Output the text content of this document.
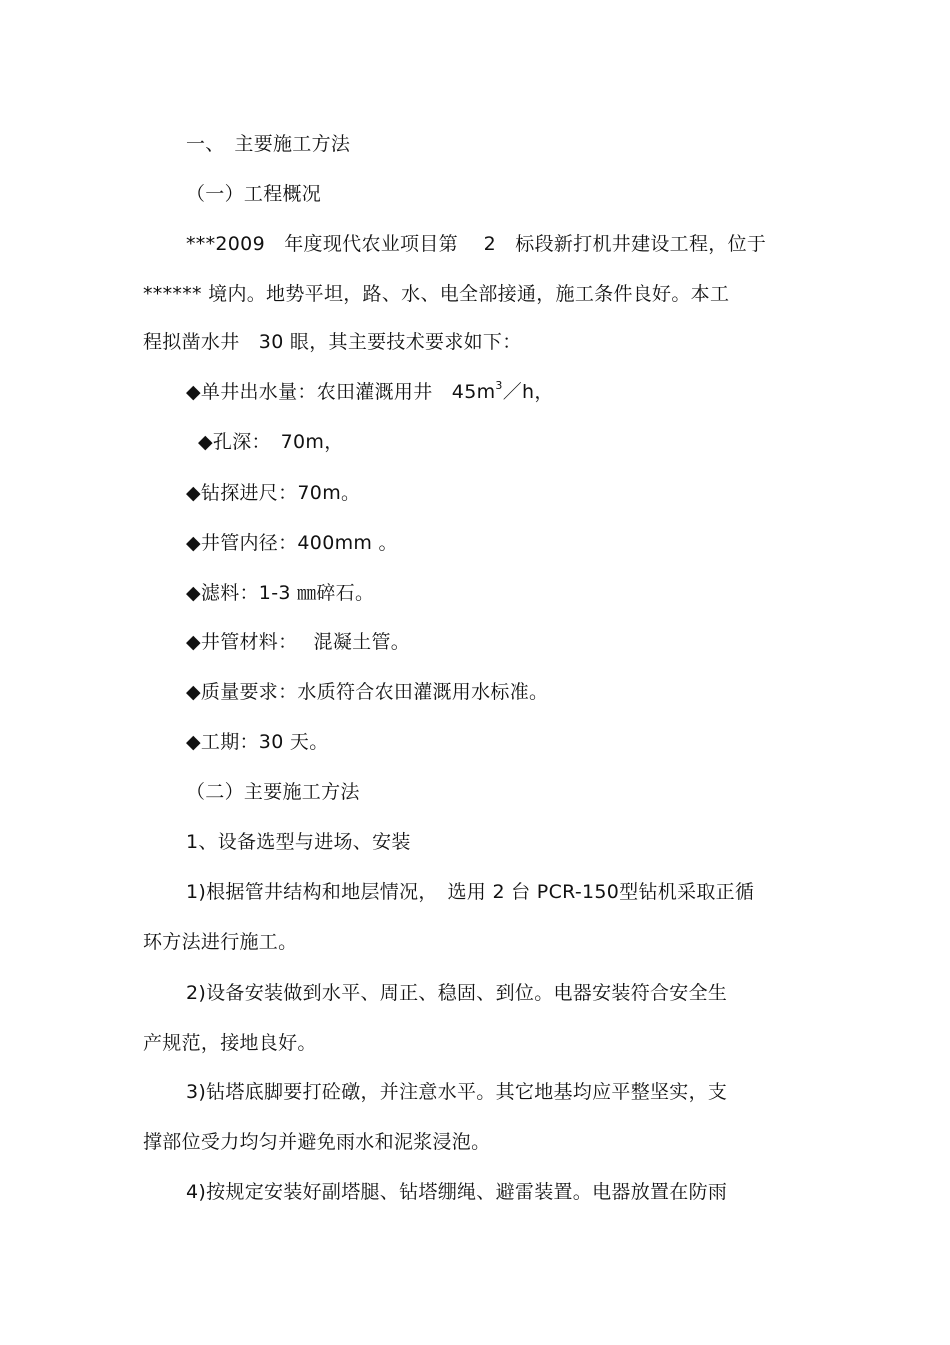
一、　主要施工方法
（一）工程概况
***2009　年度现代农业项目第　 2　标段新打机井建设工程，位于
****** 境内。地势平坦，路、水、电全部接通，施工条件良好。本工
程拟凿水井　30 眼，其主要技术要求如下：
◆单井出水量：农田灌溉用井　$45m^3/h$，
◆孔深：　70m，
◆钻探进尺：70m。
◆井管内径：400mm 。
◆滤料：1-3 ㎜碎石。
◆井管材料：　 混凝土管。
◆质量要求：水质符合农田灌溉用水标准。
◆工期：30 天。
（二）主要施工方法
1、设备选型与进场、安装
1)根据管井结构和地层情况，　选用 2 台 PCR-150型钻机采取正循
环方法进行施工。
2)设备安装做到水平、周正、稳固、到位。电器安装符合安全生
产规范，接地良好。
3)钻塔底脚要打砼礅，并注意水平。其它地基均应平整坚实，支
撑部位受力均匀并避免雨水和泥浆浸泡。
4)按规定安装好副塔腿、钻塔绷绳、避雷装置。电器放置在防雨
